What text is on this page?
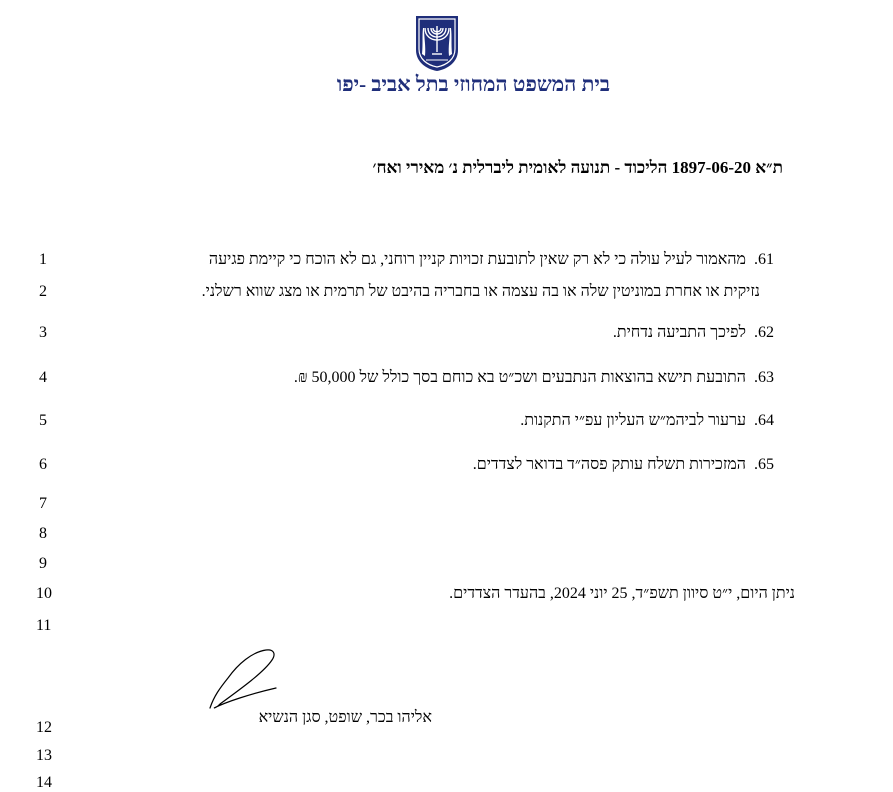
בית המשפט המחוזי בתל אביב -יפו
ת״א 1897-06-20 הליכוד - תנועה לאומית ליברלית נ׳ מאירי ואח׳
1
2
3
4
5
6
7
8
9
10
11
12
13
14
61.מהאמור לעיל עולה כי לא רק שאין לתובעת זכויות קניין רוחני, גם לא הוכח כי קיימת פגיעה
נזיקית או אחרת במוניטין שלה או בה עצמה או בחבריה בהיבט של תרמית או מצג שווא רשלני.
62.לפיכך התביעה נדחית.
63.התובעת תישא בהוצאות הנתבעים ושכ״ט בא כוחם בסך כולל של 50,000 ₪.
64.ערעור לביהמ״ש העליון עפ״י התקנות.
65.המזכירות תשלח עותק פסה״ד בדואר לצדדים.
ניתן היום, י״ט סיוון תשפ״ד, 25 יוני 2024, בהעדר הצדדים.
אליהו בכר, שופט, סגן הנשיא
